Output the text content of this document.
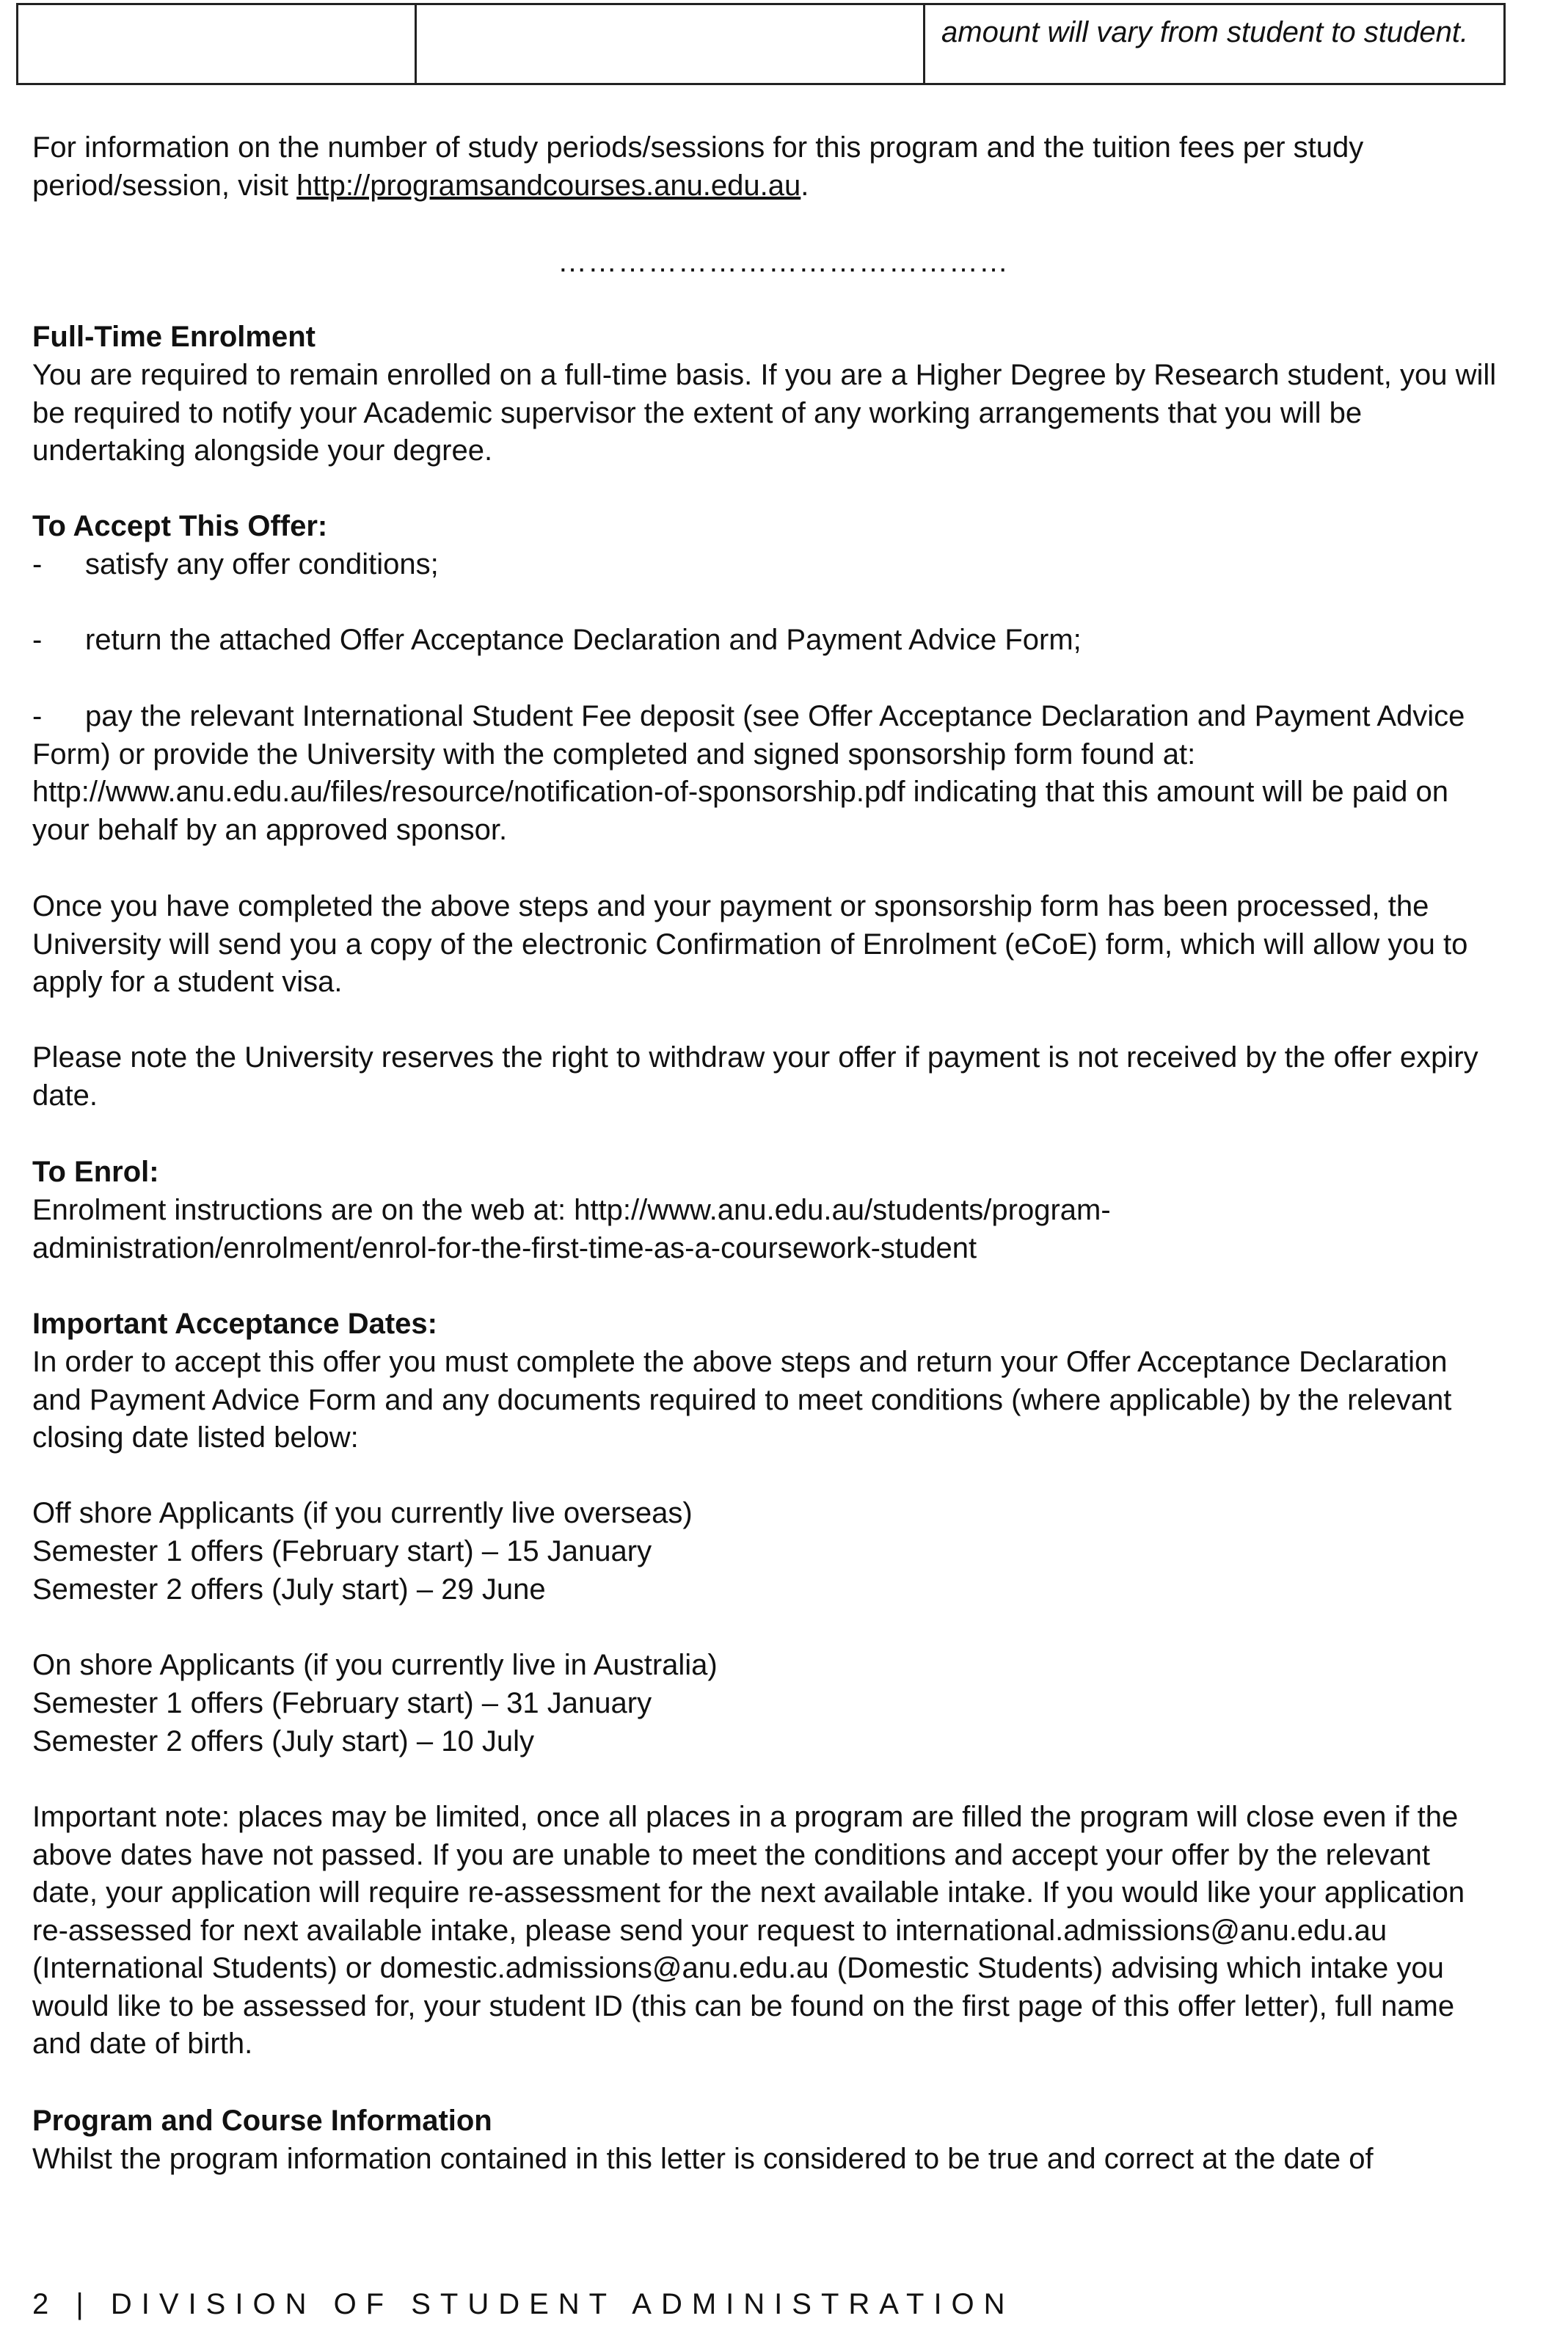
		amount will vary from student to student.

For information on the number of study periods/sessions for this program and the tuition fees per study period/session, visit http://programsandcourses.anu.edu.au.

………………………………………

Full-Time Enrolment

You are required to remain enrolled on a full-time basis. If you are a Higher Degree by Research student, you will be required to notify your Academic supervisor the extent of any working arrangements that you will be undertaking alongside your degree.

To Accept This Offer:

- satisfy any offer conditions;

- return the attached Offer Acceptance Declaration and Payment Advice Form;

- pay the relevant International Student Fee deposit (see Offer Acceptance Declaration and Payment Advice Form) or provide the University with the completed and signed sponsorship form found at: http://www.anu.edu.au/files/resource/notification-of-sponsorship.pdf indicating that this amount will be paid on your behalf by an approved sponsor.

Once you have completed the above steps and your payment or sponsorship form has been processed, the University will send you a copy of the electronic Confirmation of Enrolment (eCoE) form, which will allow you to apply for a student visa.

Please note the University reserves the right to withdraw your offer if payment is not received by the offer expiry date.

To Enrol:

Enrolment instructions are on the web at: http://www.anu.edu.au/students/program-administration/enrolment/enrol-for-the-first-time-as-a-coursework-student

Important Acceptance Dates:

In order to accept this offer you must complete the above steps and return your Offer Acceptance Declaration and Payment Advice Form and any documents required to meet conditions (where applicable) by the relevant closing date listed below:

Off shore Applicants (if you currently live overseas)

Semester 1 offers (February start) – 15 January

Semester 2 offers (July start) – 29 June

On shore Applicants (if you currently live in Australia)

Semester 1 offers (February start) – 31 January

Semester 2 offers (July start) – 10 July

Important note: places may be limited, once all places in a program are filled the program will close even if the above dates have not passed. If you are unable to meet the conditions and accept your offer by the relevant date, your application will require re-assessment for the next available intake. If you would like your application re-assessed for next available intake, please send your request to international.admissions@anu.edu.au (International Students) or domestic.admissions@anu.edu.au (Domestic Students) advising which intake you would like to be assessed for, your student ID (this can be found on the first page of this offer letter), full name and date of birth.

Program and Course Information

Whilst the program information contained in this letter is considered to be true and correct at the date of

2 | DIVISION OF STUDENT ADMINISTRATION
